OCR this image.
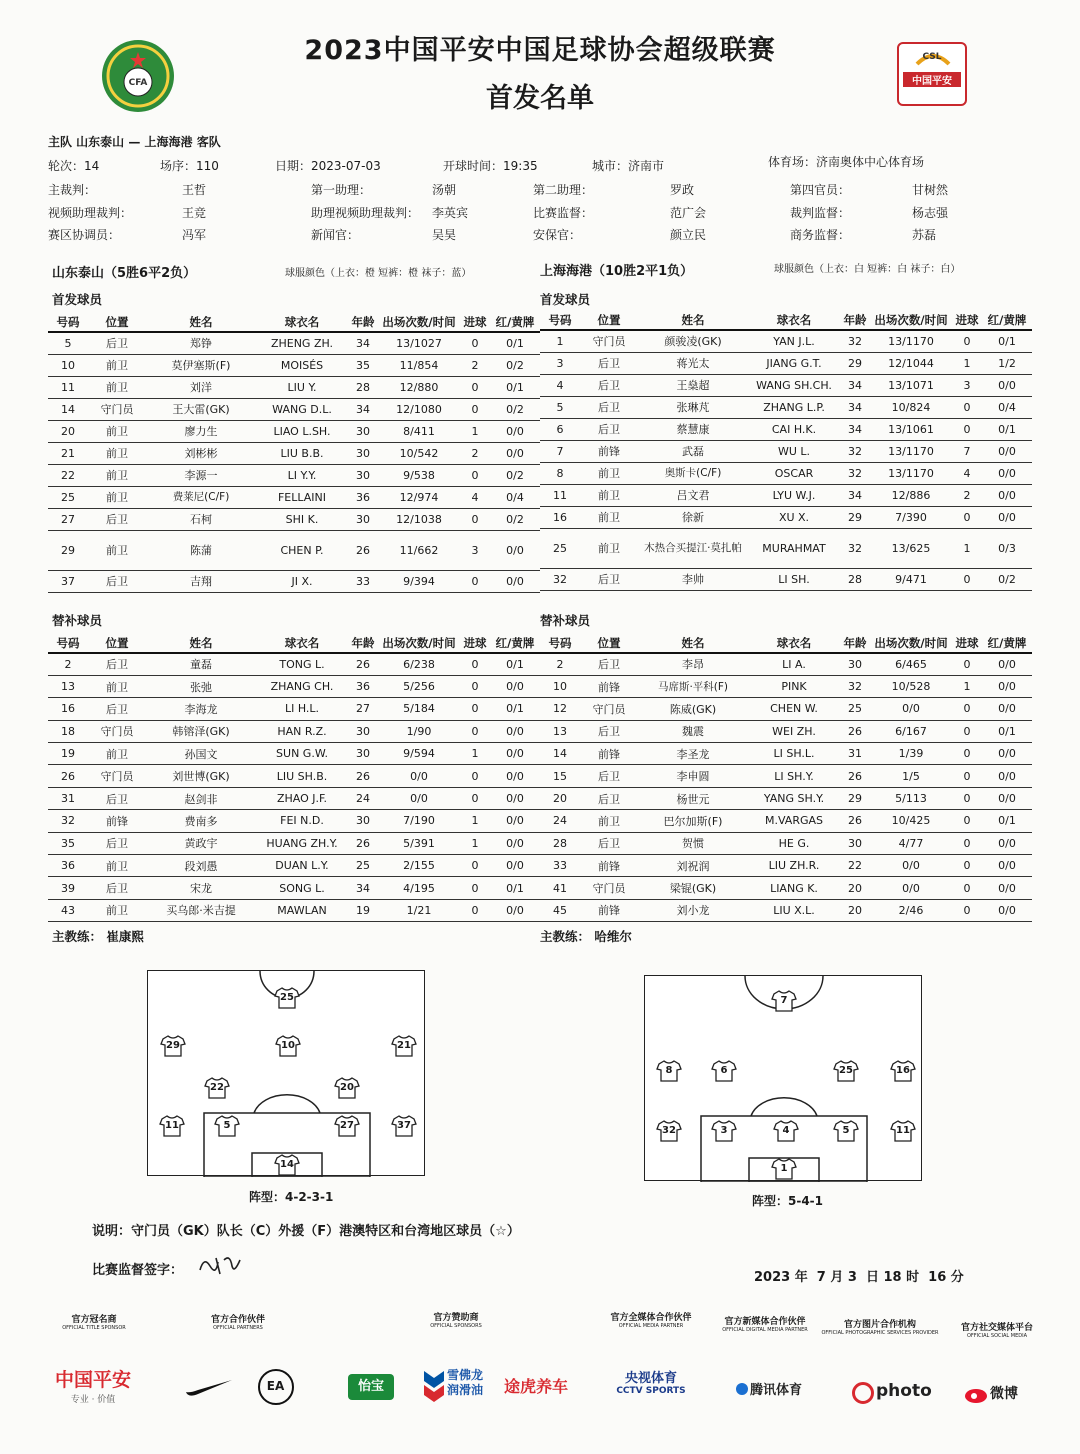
CFA
2023中国平安中国足球协会超级联赛
首发名单
CSL
中国平安
主队 山东泰山 — 上海海港 客队
轮次：14	场序：110	日期：2023-07-03	开球时间：19:35	城市：济南市	体育场：济南奥体中心体育场
主裁判：	王哲	第一助理：	汤朝	第二助理：	罗政	第四官员：	甘树然
视频助理裁判：	王竞	助理视频助理裁判： 李英宾	比赛监督：	范广会	裁判监督：	杨志强
赛区协调员：	冯军	新闻官：	吴昊	安保官：	颜立民	商务监督：	苏磊
山东泰山（5胜6平2负）	球服颜色（上衣：橙 短裤：橙 袜子：蓝）	上海海港（10胜2平1负）	球服颜色（上衣：白 短裤：白 袜子：白）
首发球员	首发球员
替补球员	替补球员
号码	位置	姓名	球衣名	年龄	出场次数/时间	进球	红/黄牌
5	后卫	郑铮	ZHENG ZH.	34	13/1027	0	0/1
10	前卫	莫伊塞斯(F)	MOISÉS	35	11/854	2	0/2
11	前卫	刘洋	LIU Y.	28	12/880	0	0/1
14	守门员	王大雷(GK)	WANG D.L.	34	12/1080	0	0/2
20	前卫	廖力生	LIAO L.SH.	30	8/411	1	0/0
21	前卫	刘彬彬	LIU B.B.	30	10/542	2	0/0
22	前卫	李源一	LI Y.Y.	30	9/538	0	0/2
25	前卫	费莱尼(C/F)	FELLAINI	36	12/974	4	0/4
27	后卫	石柯	SHI K.	30	12/1038	0	0/2
29	前卫	陈蒲	CHEN P.	26	11/662	3	0/0
37	后卫	吉翔	JI X.	33	9/394	0	0/0
号码	位置	姓名	球衣名	年龄	出场次数/时间	进球	红/黄牌
1	守门员	颜骏凌(GK)	YAN J.L.	32	13/1170	0	0/1
3	后卫	蒋光太	JIANG G.T.	29	12/1044	1	1/2
4	后卫	王燊超	WANG SH.CH.	34	13/1071	3	0/0
5	后卫	张琳芃	ZHANG L.P.	34	10/824	0	0/4
6	后卫	蔡慧康	CAI H.K.	34	13/1061	0	0/1
7	前锋	武磊	WU L.	32	13/1170	7	0/0
8	前卫	奥斯卡(C/F)	OSCAR	32	13/1170	4	0/0
11	前卫	吕文君	LYU W.J.	34	12/886	2	0/0
16	前卫	徐新	XU X.	29	7/390	0	0/0
25	前卫	木热合买提江·莫扎帕	MURAHMAT	32	13/625	1	0/3
32	后卫	李帅	LI SH.	28	9/471	0	0/2
号码	位置	姓名	球衣名	年龄	出场次数/时间	进球	红/黄牌
2	后卫	童磊	TONG L.	26	6/238	0	0/1
13	前卫	张弛	ZHANG CH.	36	5/256	0	0/0
16	后卫	李海龙	LI H.L.	27	5/184	0	0/1
18	守门员	韩镕泽(GK)	HAN R.Z.	30	1/90	0	0/0
19	前卫	孙国文	SUN G.W.	30	9/594	1	0/0
26	守门员	刘世博(GK)	LIU SH.B.	26	0/0	0	0/0
31	后卫	赵剑非	ZHAO J.F.	24	0/0	0	0/0
32	前锋	费南多	FEI N.D.	30	7/190	1	0/0
35	后卫	黄政宇	HUANG ZH.Y.	26	5/391	1	0/0
36	前卫	段刘愚	DUAN L.Y.	25	2/155	0	0/0
39	后卫	宋龙	SONG L.	34	4/195	0	0/1
43	前卫	买乌郎·米吉提	MAWLAN	19	1/21	0	0/0
号码	位置	姓名	球衣名	年龄	出场次数/时间	进球	红/黄牌
2	后卫	李昂	LI A.	30	6/465	0	0/0
10	前锋	马席斯·平科(F)	PINK	32	10/528	1	0/0
12	守门员	陈威(GK)	CHEN W.	25	0/0	0	0/0
13	后卫	魏震	WEI ZH.	26	6/167	0	0/1
14	前锋	李圣龙	LI SH.L.	31	1/39	0	0/0
15	后卫	李申圆	LI SH.Y.	26	1/5	0	0/0
20	后卫	杨世元	YANG SH.Y.	29	5/113	0	0/0
24	前卫	巴尔加斯(F)	M.VARGAS	26	10/425	0	0/1
28	后卫	贺惯	HE G.	30	4/77	0	0/0
33	前锋	刘祝润	LIU ZH.R.	22	0/0	0	0/0
41	守门员	梁锟(GK)	LIANG K.	20	0/0	0	0/0
45	前锋	刘小龙	LIU X.L.	20	2/46	0	0/0
主教练： 崔康熙	主教练： 哈维尔
25
29	10	21
22	20
11	5	27	37
14
阵型：4-2-3-1
7
8	6	25	16
32	3	4	5	11
1
阵型：5-4-1
说明：守门员（GK）队长（C）外援（F）港澳特区和台湾地区球员（☆）
比赛监督签字：	2023 年  7 月 3  日 18 时  16 分
官方冠名商
OFFICIAL TITLE SPONSOR
官方合作伙伴
OFFICIAL PARTNERS
官方赞助商
OFFICIAL SPONSORS
官方全媒体合作伙伴
OFFICIAL MEDIA PARTNER	官方新媒体合作伙伴
OFFICIAL DIGITAL MEDIA PARTNER	官方图片合作机构
OFFICIAL PHOTOGRAPHIC SERVICES PROVIDER	官方社交媒体平台
OFFICIAL SOCIAL MEDIA
中国平安
专业 · 价值
EA	怡宝
雪佛龙
润滑油 途虎养车	央视体育
CCTV SPORTS	腾讯体育	photo	微博
